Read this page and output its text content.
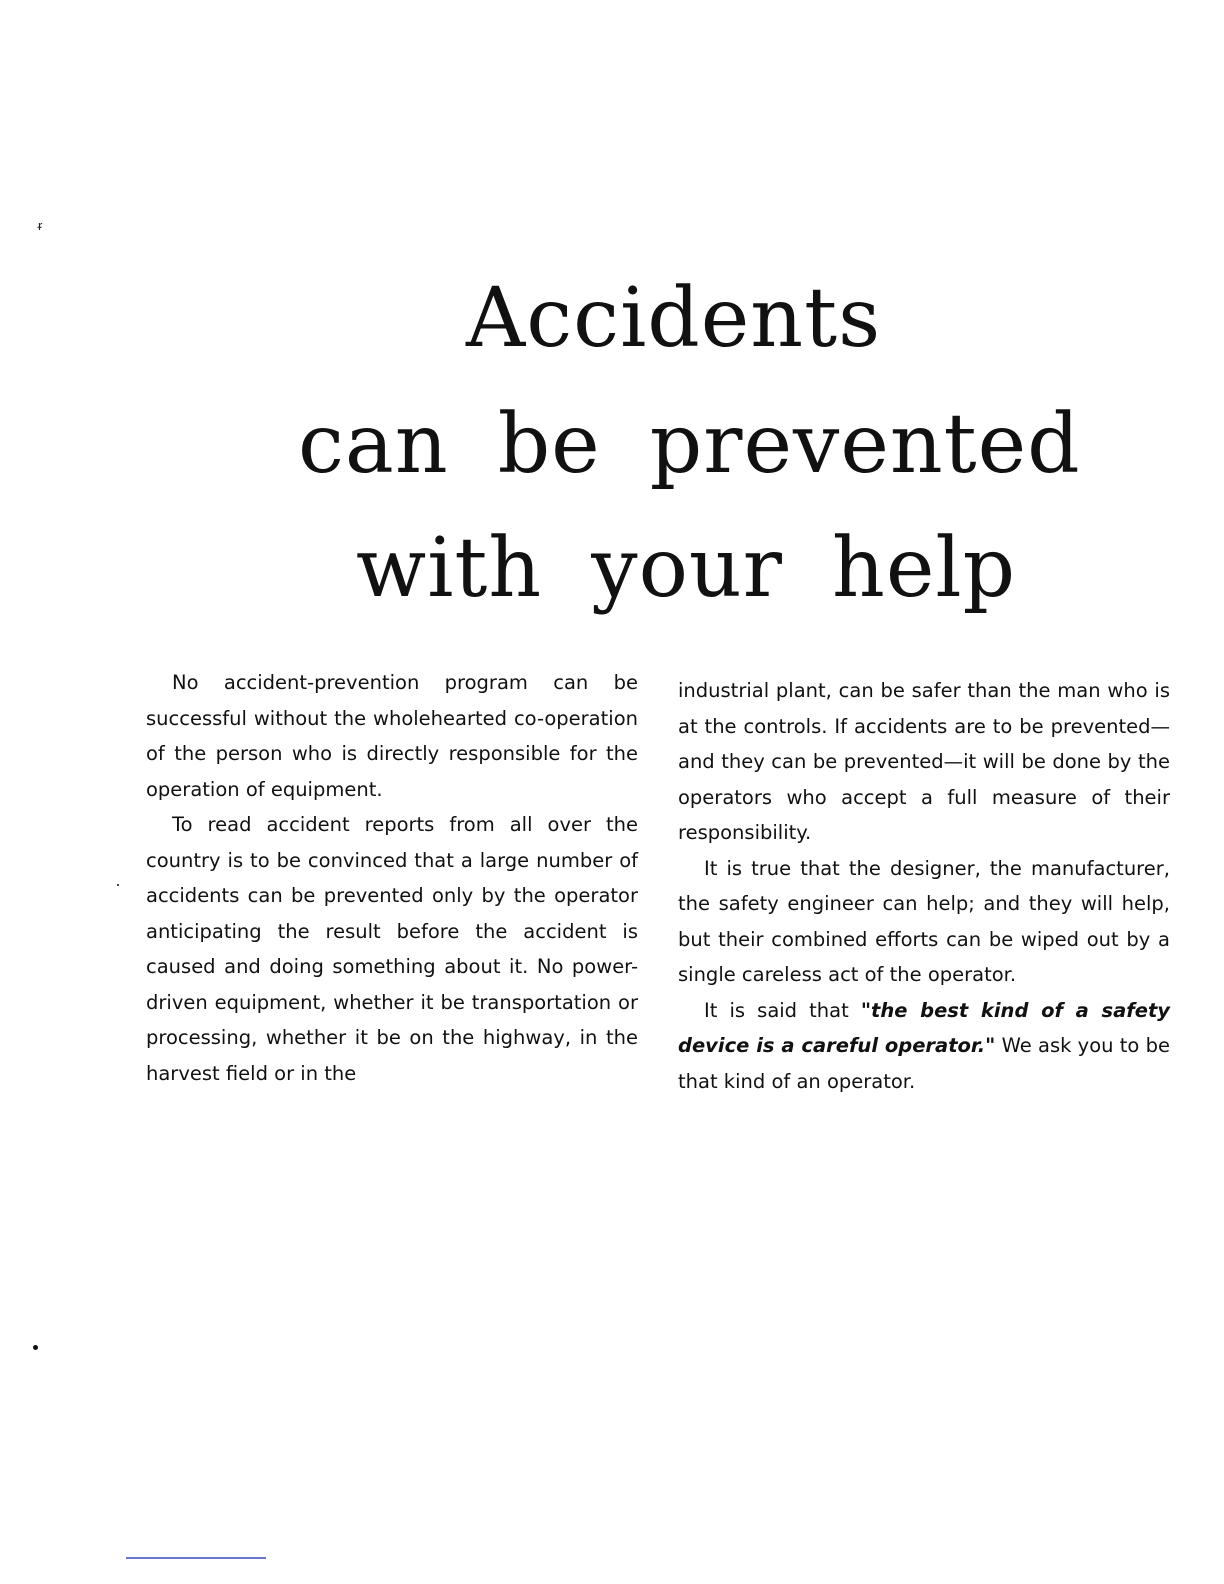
ᵲ
Accidents
can be prevented
with your help

No accident-prevention program can be successful without the wholehearted co-operation of the person who is directly responsible for the operation of equipment.

To read accident reports from all over the country is to be convinced that a large number of accidents can be prevented only by the operator anticipating the result before the accident is caused and doing something about it. No power-driven equipment, whether it be transportation or processing, whether it be on the highway, in the harvest field or in the

industrial plant, can be safer than the man who is at the controls. If accidents are to be prevented—and they can be prevented—it will be done by the operators who accept a full measure of their responsibility.

It is true that the designer, the manufacturer, the safety engineer can help; and they will help, but their combined efforts can be wiped out by a single careless act of the operator.

It is said that "the best kind of a safety device is a careful operator." We ask you to be that kind of an operator.
